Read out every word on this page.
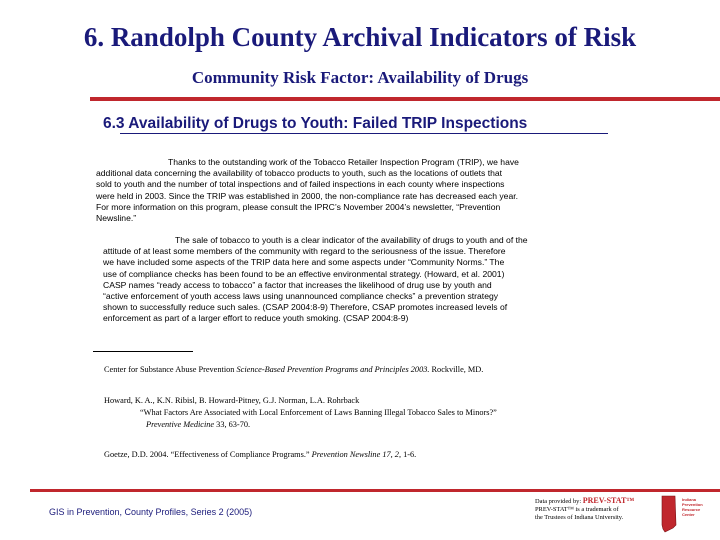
6. Randolph County Archival Indicators of Risk
Community Risk Factor: Availability of Drugs
6.3 Availability of Drugs to Youth: Failed TRIP Inspections
Thanks to the outstanding work of the Tobacco Retailer Inspection Program (TRIP), we have
additional data concerning the availability of tobacco products to youth, such as the locations of outlets that
sold to youth and the number of total inspections and of failed inspections in each county where inspections
were held in 2003. Since the TRIP was established in 2000, the non-compliance rate has decreased each year.
For more information on this program, please consult the IPRC’s November 2004’s newsletter, “Prevention
Newsline.”
The sale of tobacco to youth is a clear indicator of the availability of drugs to youth and of the
attitude of at least some members of the community with regard to the seriousness of the issue. Therefore
we have included some aspects of the TRIP data here and some aspects under “Community Norms.” The
use of compliance checks has been found to be an effective environmental strategy. (Howard, et al. 2001)
CASP names “ready access to tobacco” a factor that increases the likelihood of drug use by youth and
“active enforcement of youth access laws using unannounced compliance checks” a prevention strategy
shown to successfully reduce such sales. (CSAP 2004:8-9) Therefore, CSAP promotes increased levels of
enforcement as part of a larger effort to reduce youth smoking. (CSAP 2004:8-9)
Center for Substance Abuse Prevention Science-Based Prevention Programs and Principles 2003. Rockville, MD.
Howard, K. A., K.N. Ribisl, B. Howard-Pitney, G.J. Norman, L.A. Rohrback
“What Factors Are Associated with Local Enforcement of Laws Banning Illegal Tobacco Sales to Minors?”
Preventive Medicine 33, 63-70.
Goetze, D.D. 2004. “Effectiveness of Compliance Programs.” Prevention Newsline 17, 2, 1-6.
GIS in Prevention, County Profiles, Series 2 (2005)
Data provided by: PREV-STAT™
PREV-STAT™ is a trademark of
the Trustees of Indiana University.
Indiana
Prevention
Resource
Center
